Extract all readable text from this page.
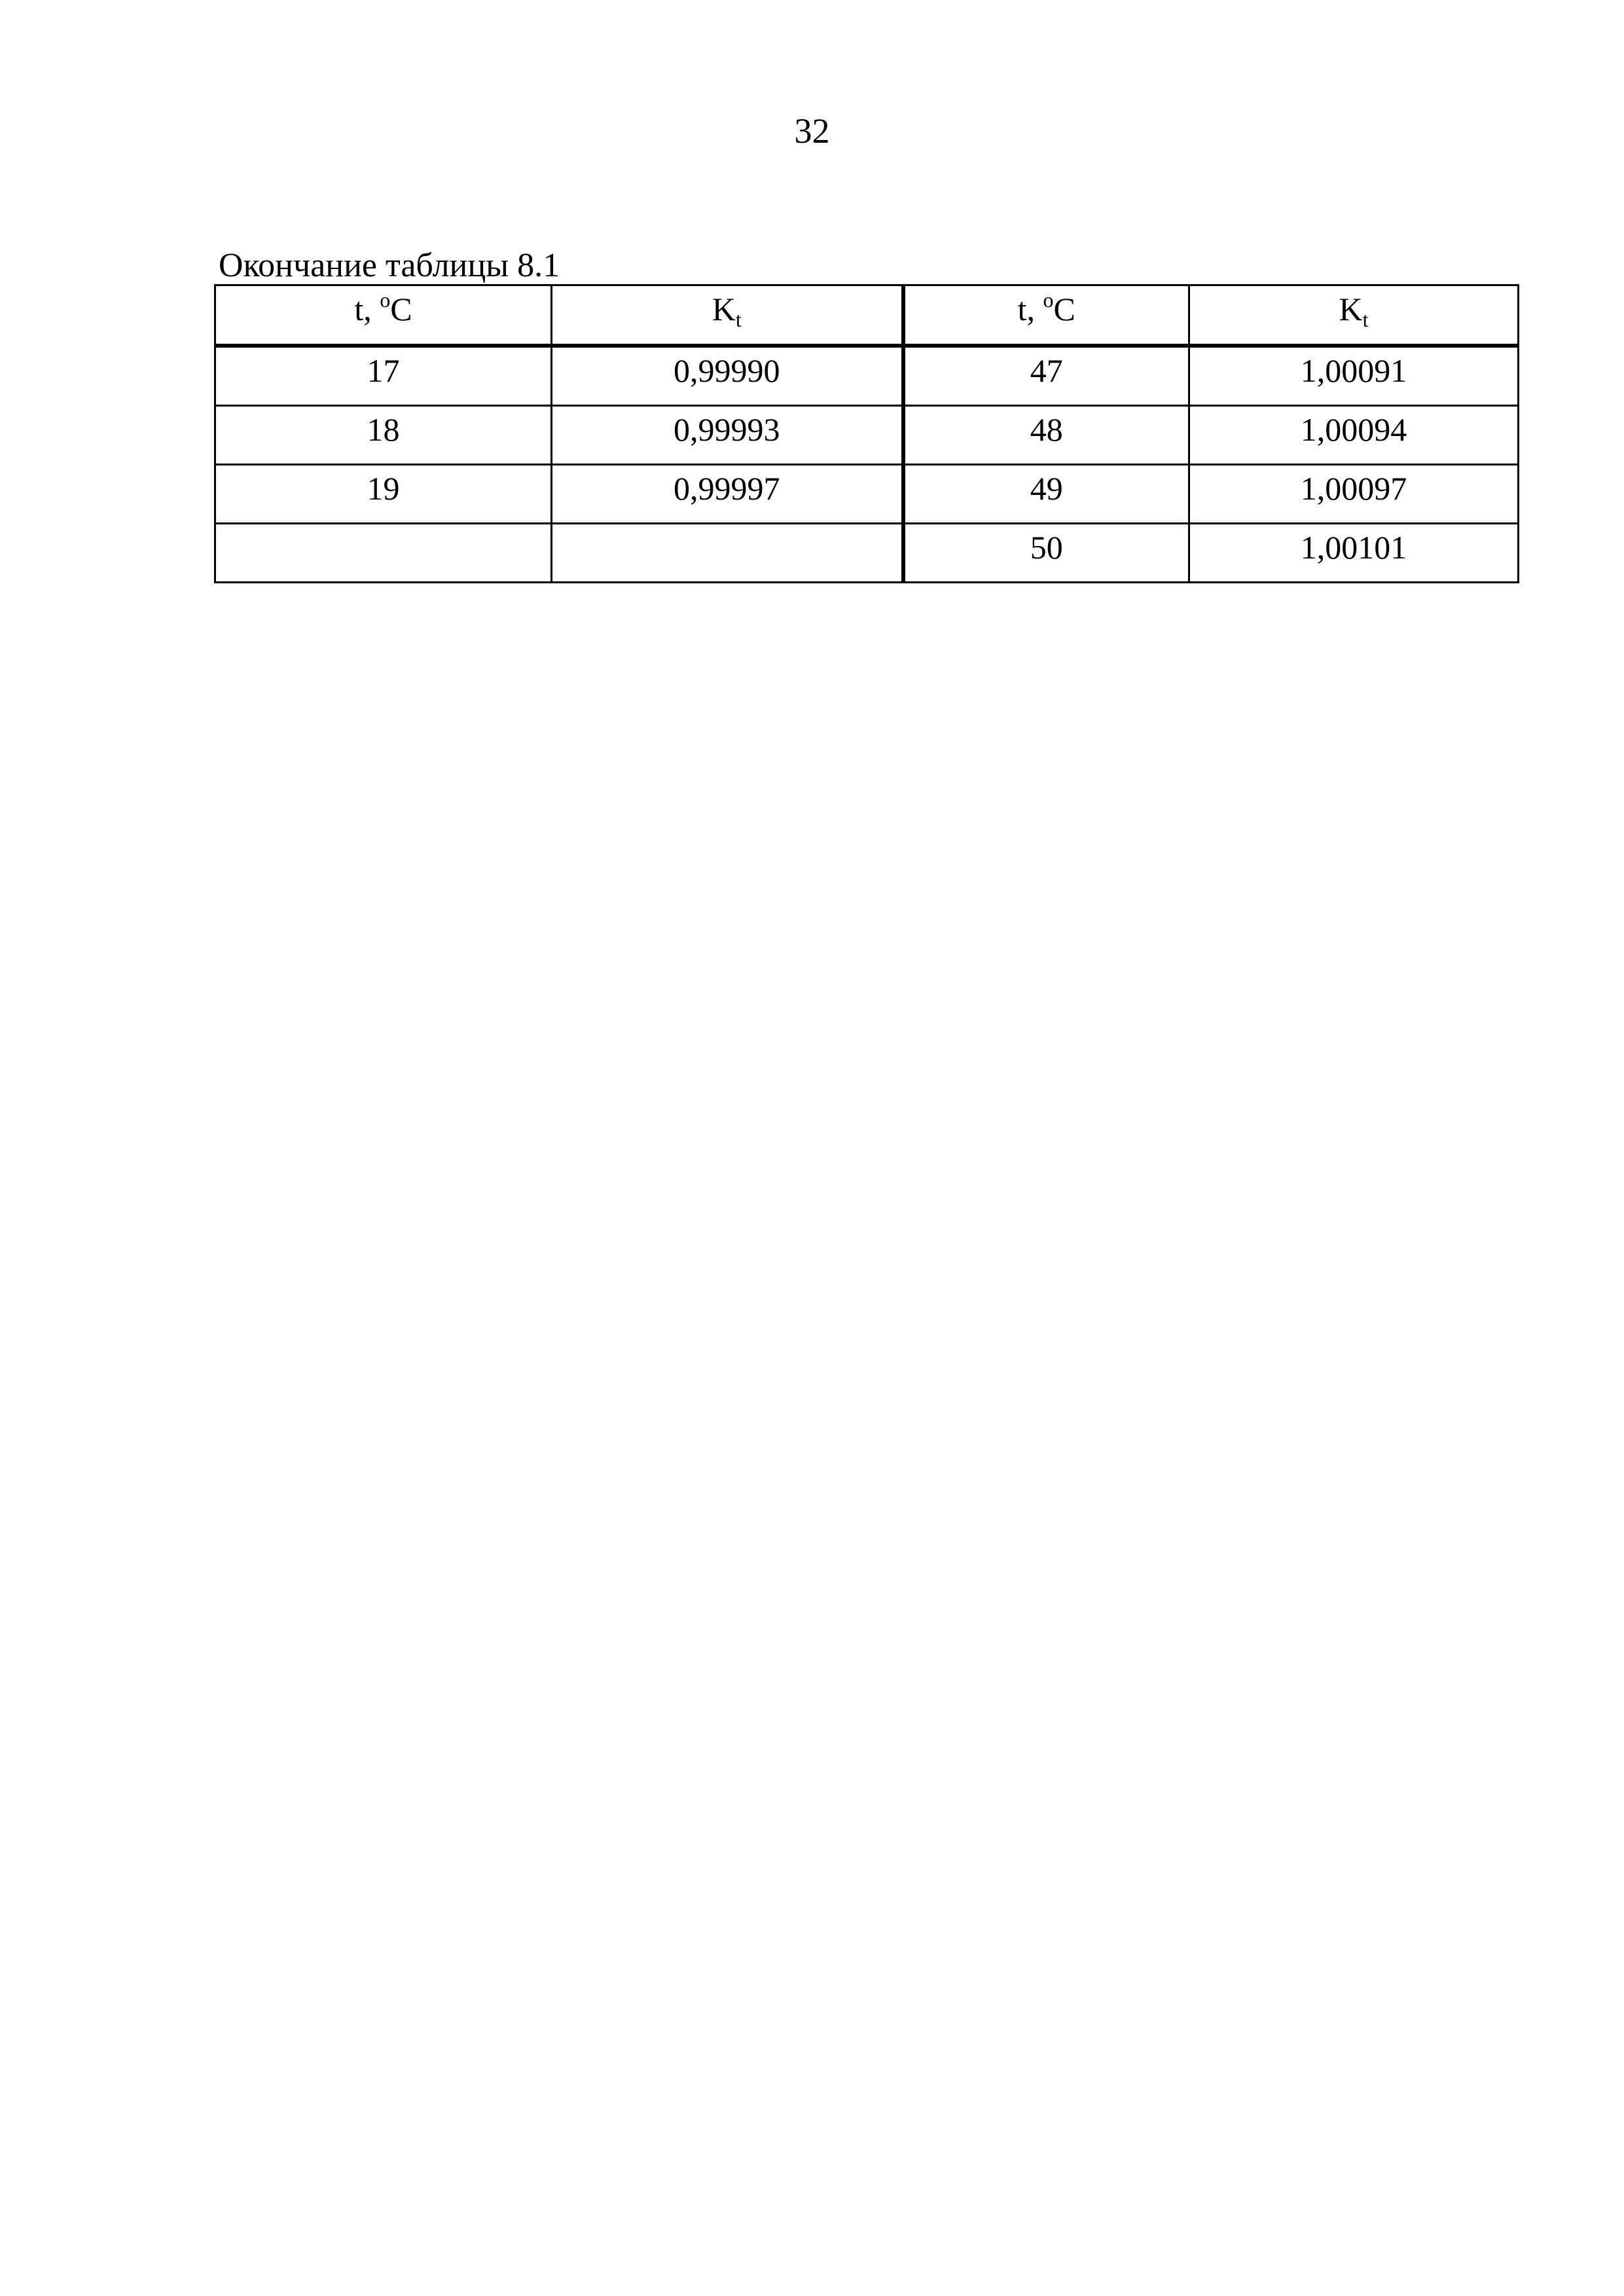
32
Окончание таблицы 8.1
t, $^o$C	$K_t$	t, $^o$C	$K_t$
17	0,99990	47	1,00091
18	0,99993	48	1,00094
19	0,99997	49	1,00097
		50	1,00101
